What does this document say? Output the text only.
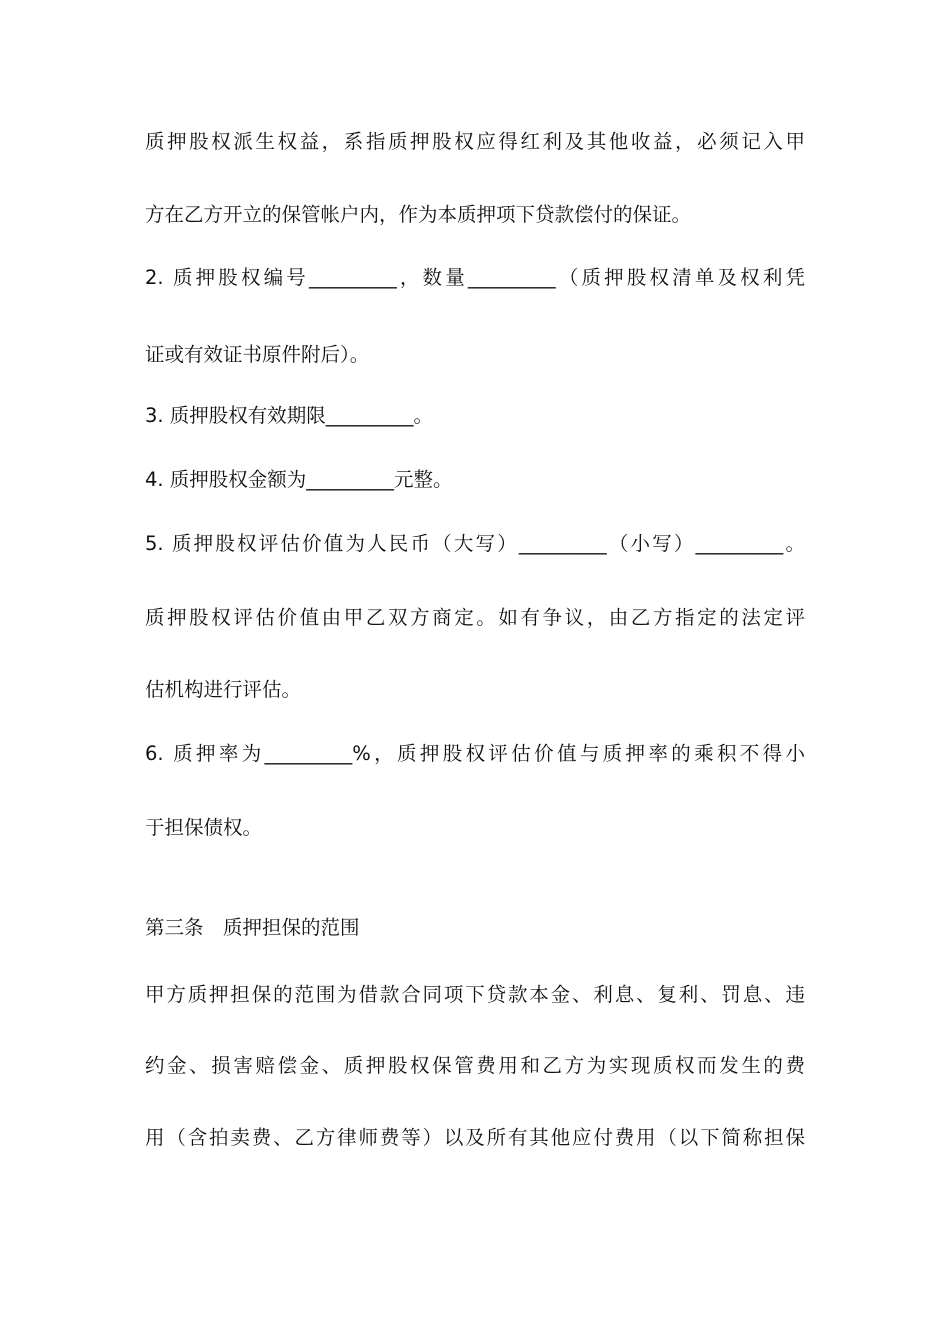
质押股权派生权益，系指质押股权应得红利及其他收益，必须记入甲
方在乙方开立的保管帐户内，作为本质押项下贷款偿付的保证。
2. 质押股权编号_________，数量_________（质押股权清单及权利凭
证或有效证书原件附后）。
3. 质押股权有效期限_________。
4. 质押股权金额为_________元整。
5. 质押股权评估价值为人民币（大写）_________（小写）_________。
质押股权评估价值由甲乙双方商定。如有争议，由乙方指定的法定评
估机构进行评估。
6. 质押率为_________%，质押股权评估价值与质押率的乘积不得小
于担保债权。
第三条　质押担保的范围
甲方质押担保的范围为借款合同项下贷款本金、利息、复利、罚息、违
约金、损害赔偿金、质押股权保管费用和乙方为实现质权而发生的费
用（含拍卖费、乙方律师费等）以及所有其他应付费用（以下简称担保
